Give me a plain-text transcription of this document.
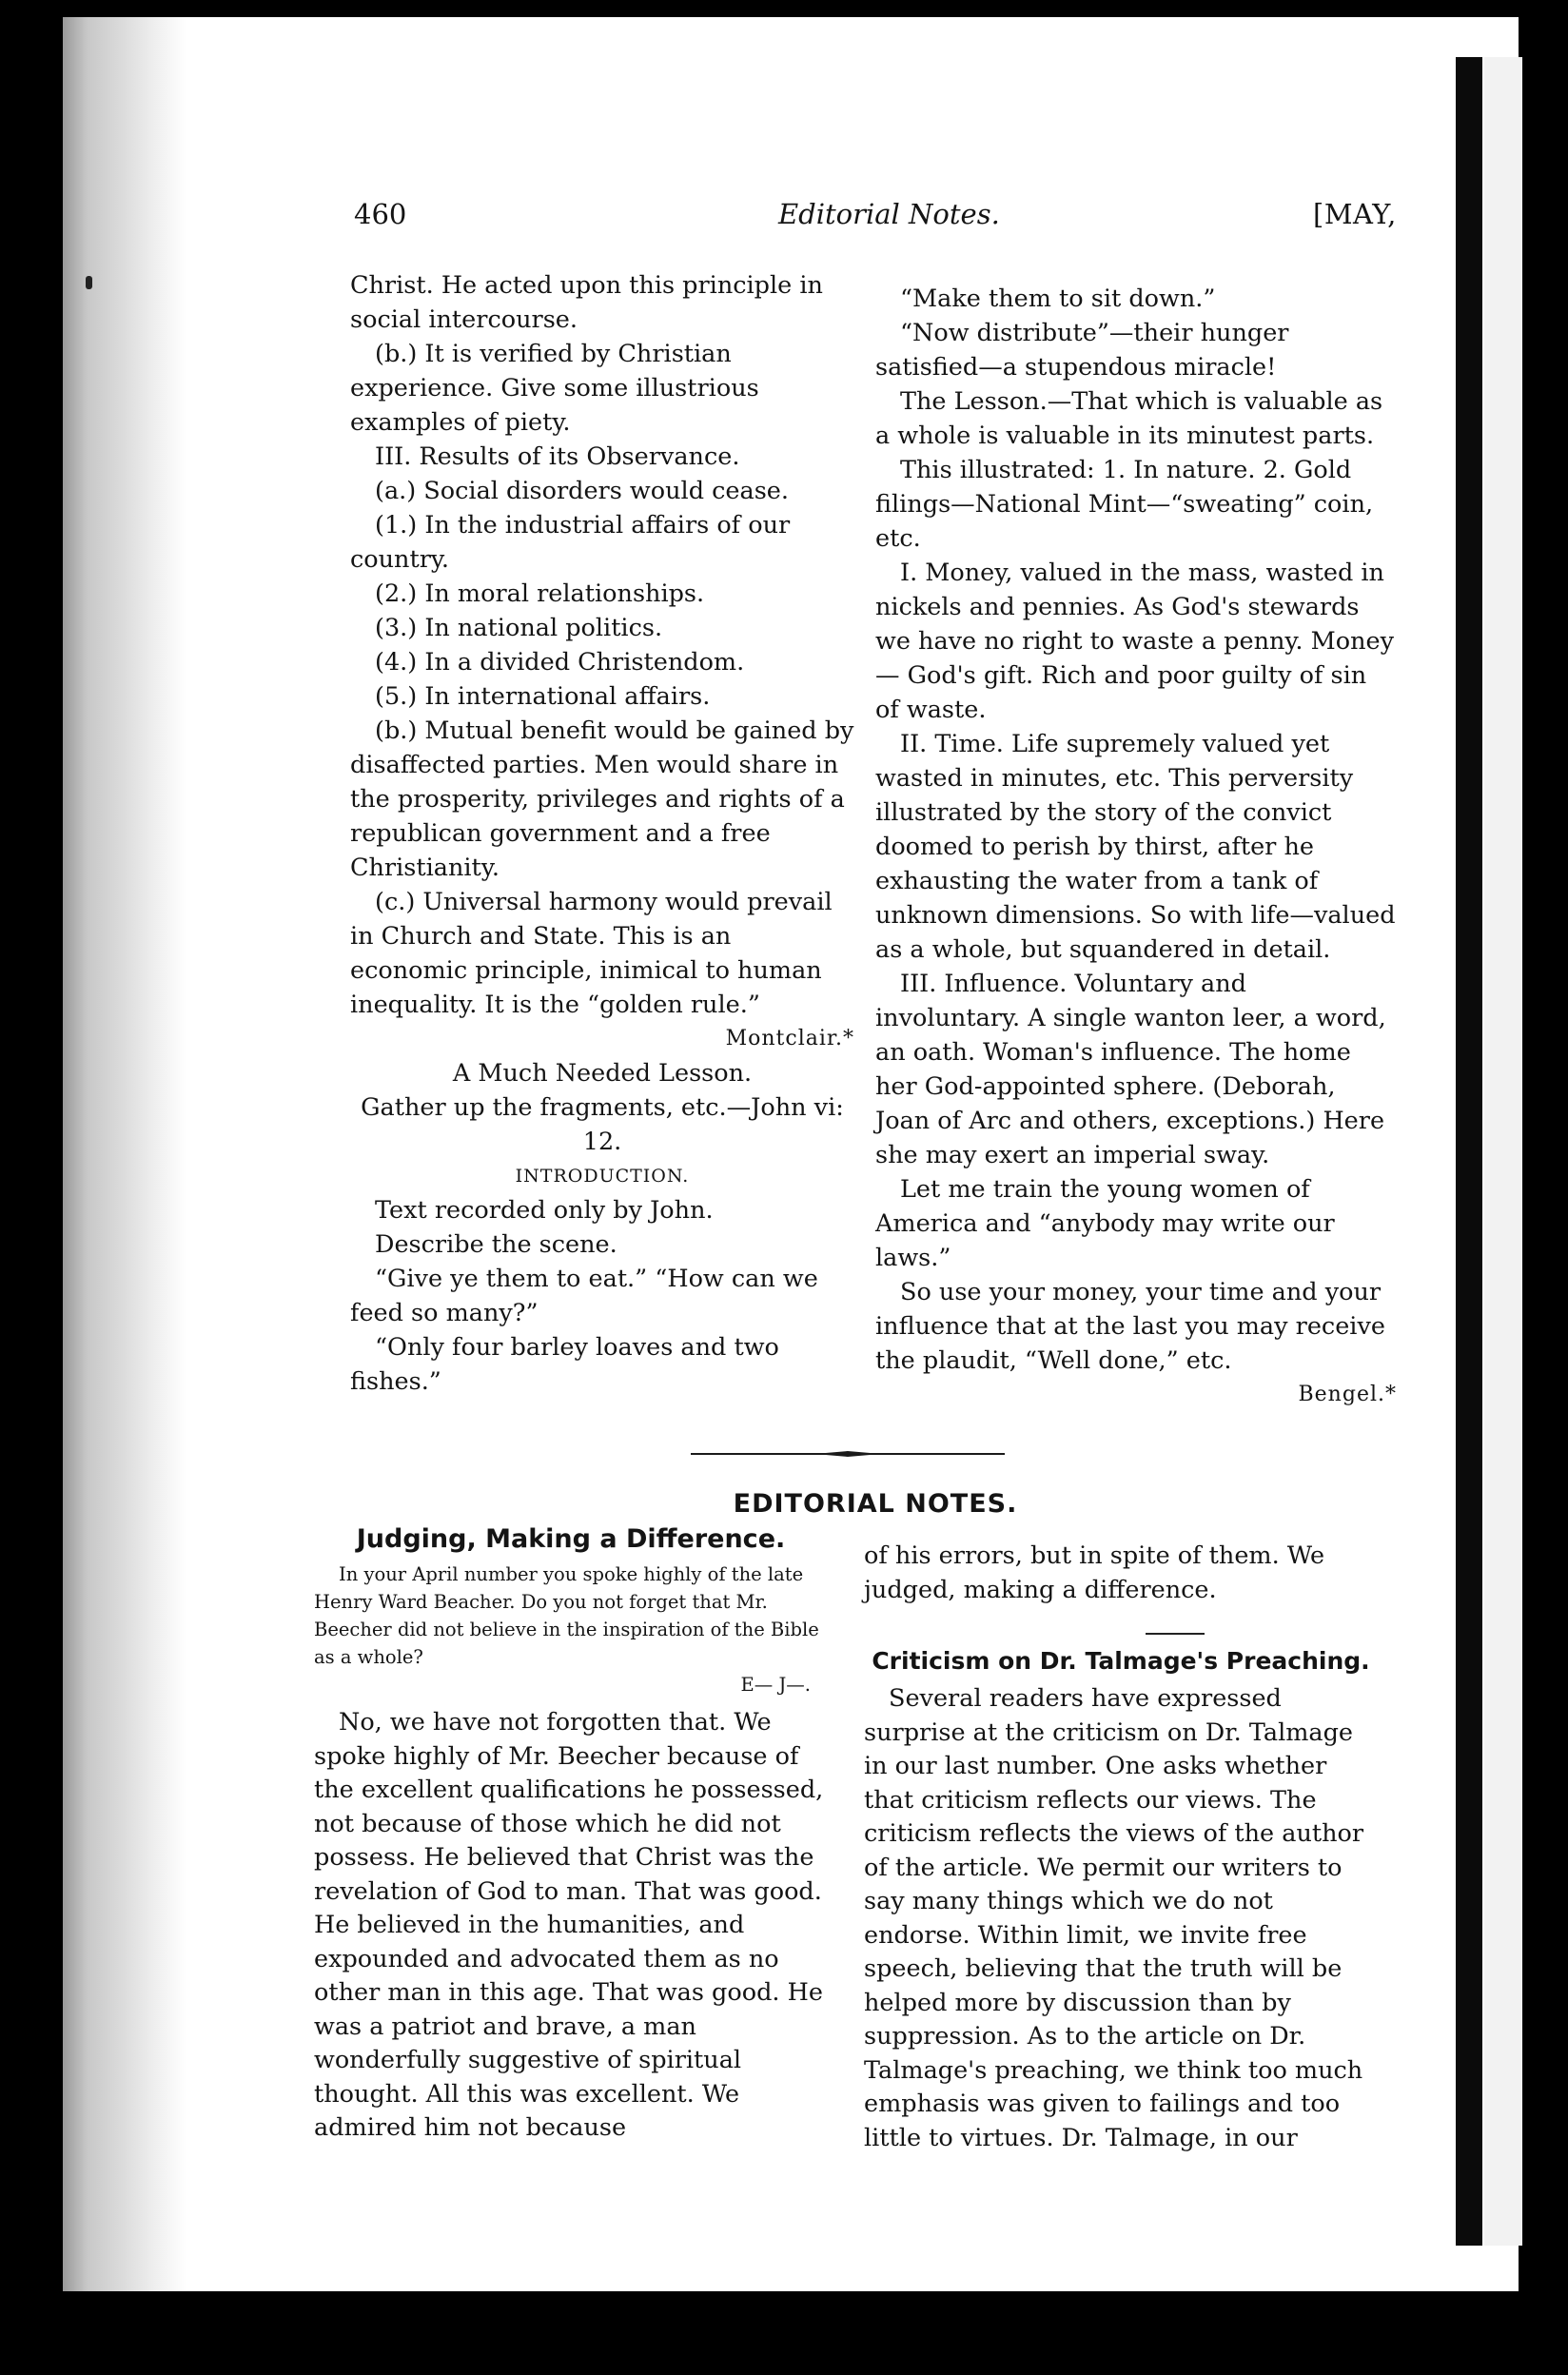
460	Editorial Notes.	[MAY,

Christ. He acted upon this principle in social intercourse.

(b.) It is verified by Christian experience. Give some illustrious examples of piety.

III. Results of its Observance.

(a.) Social disorders would cease.

(1.) In the industrial affairs of our country.

(2.) In moral relationships.

(3.) In national politics.

(4.) In a divided Christendom.

(5.) In international affairs.

(b.) Mutual benefit would be gained by disaffected parties. Men would share in the prosperity, privileges and rights of a republican government and a free Christianity.

(c.) Universal harmony would prevail in Church and State. This is an economic principle, inimical to human inequality. It is the “golden rule.”

Montclair.*

A Much Needed Lesson.

Gather up the fragments, etc.—John vi: 12.

INTRODUCTION.

Text recorded only by John.

Describe the scene.

“Give ye them to eat.” “How can we feed so many?”

“Only four barley loaves and two fishes.”

“Make them to sit down.”

“Now distribute”—their hunger satisfied—a stupendous miracle!

The Lesson.—That which is valuable as a whole is valuable in its minutest parts.

This illustrated: 1. In nature. 2. Gold filings—National Mint—“sweating” coin, etc.

I. Money, valued in the mass, wasted in nickels and pennies. As God's stewards we have no right to waste a penny. Money — God's gift. Rich and poor guilty of sin of waste.

II. Time. Life supremely valued yet wasted in minutes, etc. This perversity illustrated by the story of the convict doomed to perish by thirst, after he exhausting the water from a tank of unknown dimensions. So with life—valued as a whole, but squandered in detail.

III. Influence. Voluntary and involuntary. A single wanton leer, a word, an oath. Woman's influence. The home her God-appointed sphere. (Deborah, Joan of Arc and others, exceptions.) Here she may exert an imperial sway.

Let me train the young women of America and “anybody may write our laws.”

So use your money, your time and your influence that at the last you may receive the plaudit, “Well done,” etc.

Bengel.*

EDITORIAL NOTES.
Judging, Making a Difference.

In your April number you spoke highly of the late Henry Ward Beacher. Do you not forget that Mr. Beecher did not believe in the inspiration of the Bible as a whole?

E— J—.

No, we have not forgotten that. We spoke highly of Mr. Beecher because of the excellent qualifications he possessed, not because of those which he did not possess. He believed that Christ was the revelation of God to man. That was good. He believed in the humanities, and expounded and advocated them as no other man in this age. That was good. He was a patriot and brave, a man wonderfully suggestive of spiritual thought. All this was excellent. We admired him not because

of his errors, but in spite of them. We judged, making a difference.

Criticism on Dr. Talmage's Preaching.

Several readers have expressed surprise at the criticism on Dr. Talmage in our last number. One asks whether that criticism reflects our views. The criticism reflects the views of the author of the article. We permit our writers to say many things which we do not endorse. Within limit, we invite free speech, believing that the truth will be helped more by discussion than by suppression. As to the article on Dr. Talmage's preaching, we think too much emphasis was given to failings and too little to virtues. Dr. Talmage, in our
